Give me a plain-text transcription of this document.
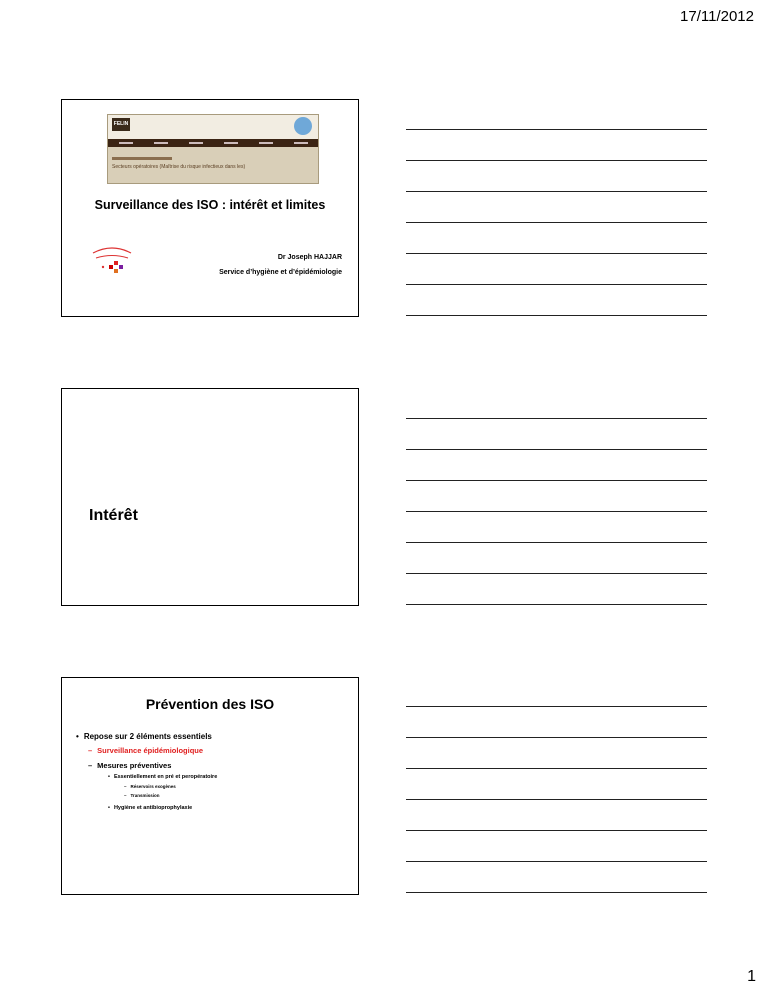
17/11/2012
FELIN
Secteurs opératoires (Maîtrise du risque infectieux dans les)
Surveillance des ISO : intérêt et limites
Dr Joseph HAJJAR
Service d’hygiène et d’épidémiologie
Intérêt
Prévention des ISO
• Repose sur 2 éléments essentiels
– Surveillance épidémiologique
– Mesures préventives
• Essentiellement en pré et peropératoire
– Réservoirs exogènes
– Transmission
• Hygiène et antibioprophylaxie
1
